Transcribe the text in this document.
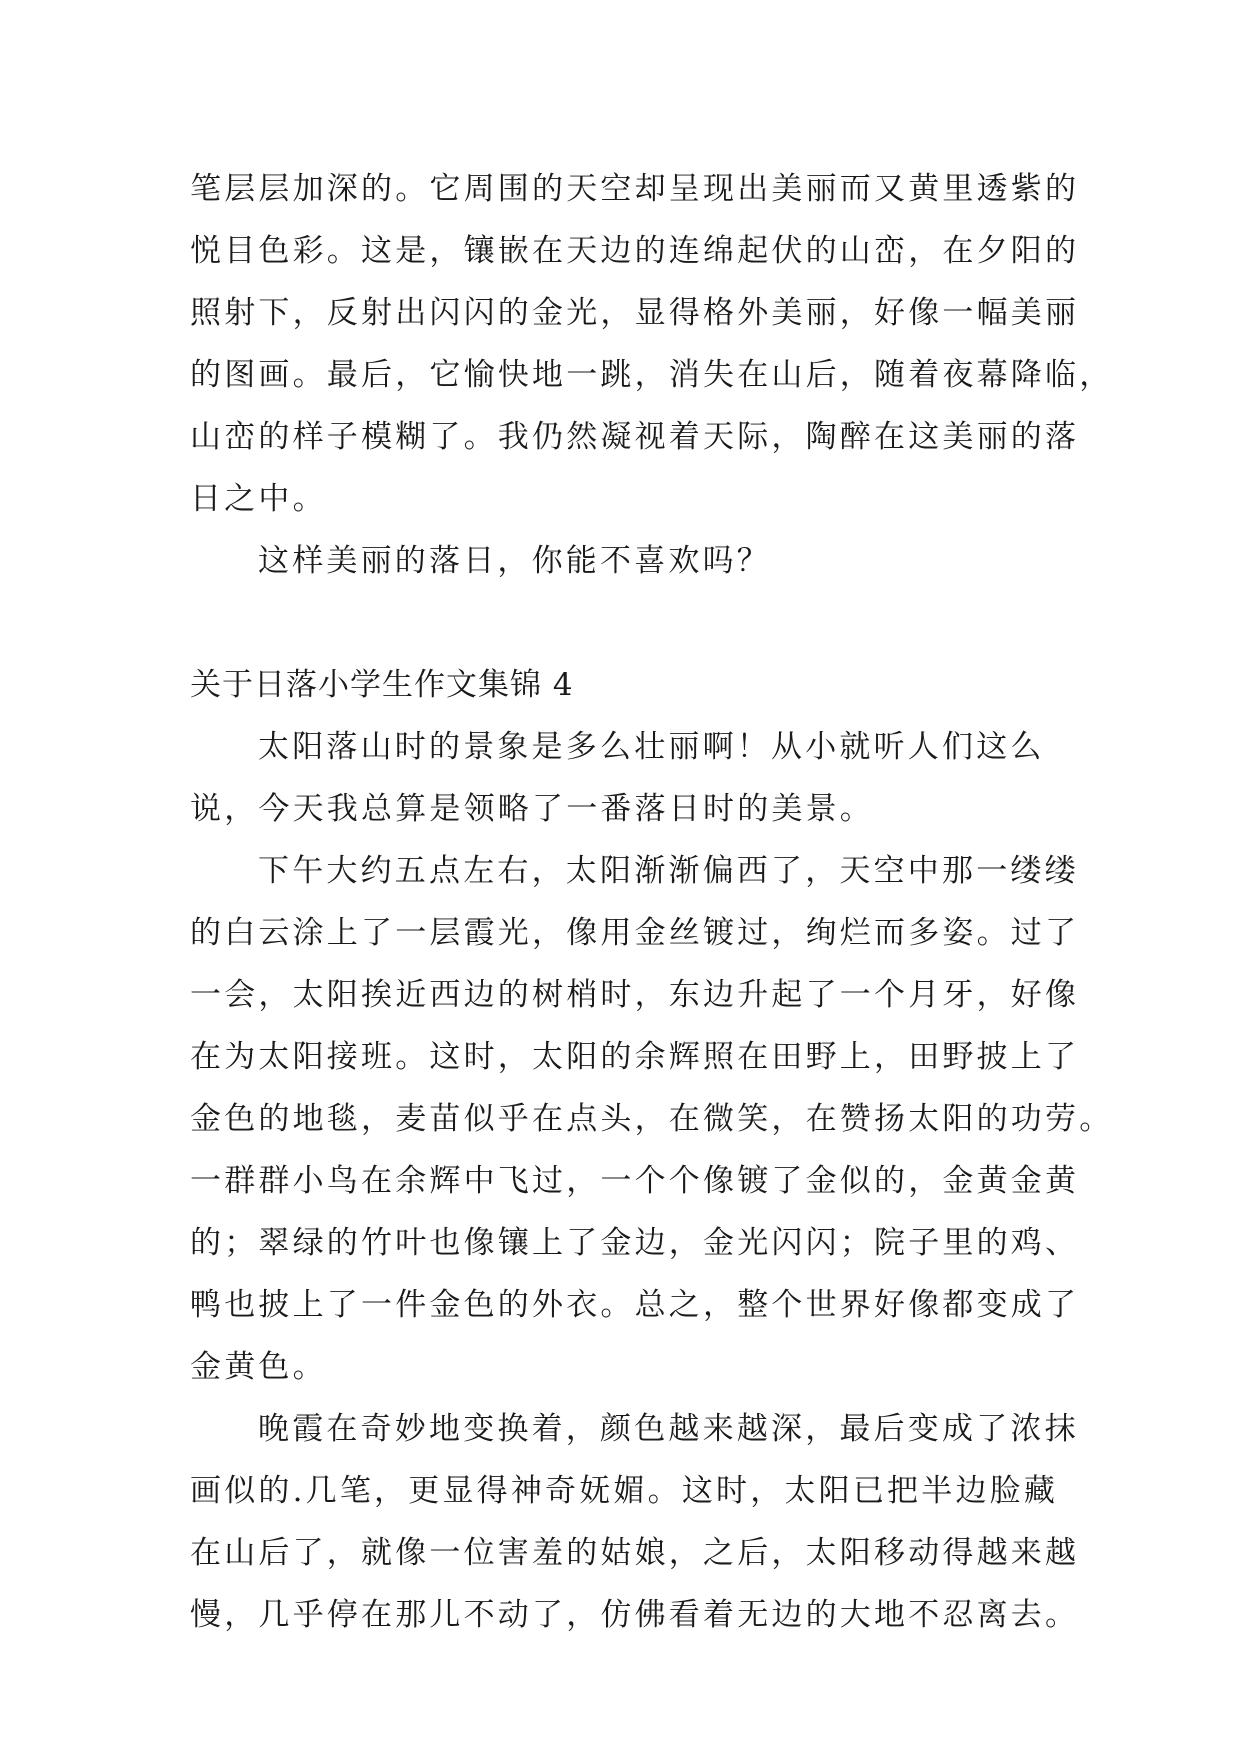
笔层层加深的。它周围的天空却呈现出美丽而又黄里透紫的
悦目色彩。这是，镶嵌在天边的连绵起伏的山峦，在夕阳的
照射下，反射出闪闪的金光，显得格外美丽，好像一幅美丽
的图画。最后，它愉快地一跳，消失在山后，随着夜幕降临，
山峦的样子模糊了。我仍然凝视着天际，陶醉在这美丽的落
日之中。
这样美丽的落日，你能不喜欢吗？
关于日落小学生作文集锦 4
太阳落山时的景象是多么壮丽啊！从小就听人们这么
说，今天我总算是领略了一番落日时的美景。
下午大约五点左右，太阳渐渐偏西了，天空中那一缕缕
的白云涂上了一层霞光，像用金丝镀过，绚烂而多姿。过了
一会，太阳挨近西边的树梢时，东边升起了一个月牙，好像
在为太阳接班。这时，太阳的余辉照在田野上，田野披上了
金色的地毯，麦苗似乎在点头，在微笑，在赞扬太阳的功劳。
一群群小鸟在余辉中飞过，一个个像镀了金似的，金黄金黄
的；翠绿的竹叶也像镶上了金边，金光闪闪；院子里的鸡、
鸭也披上了一件金色的外衣。总之，整个世界好像都变成了
金黄色。
晚霞在奇妙地变换着，颜色越来越深，最后变成了浓抹
画似的.几笔，更显得神奇妩媚。这时，太阳已把半边脸藏
在山后了，就像一位害羞的姑娘，之后，太阳移动得越来越
慢，几乎停在那儿不动了，仿佛看着无边的大地不忍离去。
